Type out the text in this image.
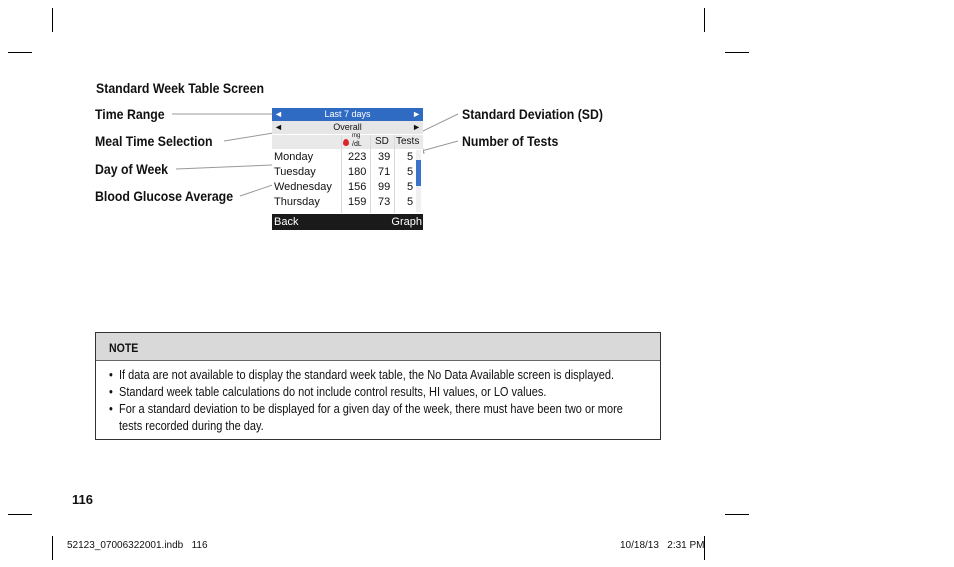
Standard Week Table Screen
Time Range
Meal Time Selection
Day of Week
Blood Glucose Average
Standard Deviation (SD)
Number of Tests
◄	Last 7 days	►
◄	Overall	►
mg
/dL SD Tests
Monday	223 39 5
Tuesday	180 71 5
Wednesday 156 99 5
Thursday	159 73 5
Back	Graph
NOTE
• If data are not available to display the standard week table, the No Data Available screen is displayed.
• Standard week table calculations do not include control results, HI values, or LO values.
• For a standard deviation to be displayed for a given day of the week, there must have been two or more tests recorded during the day.
116
52123_07006322001.indb   116	10/18/13   2:31 PM
